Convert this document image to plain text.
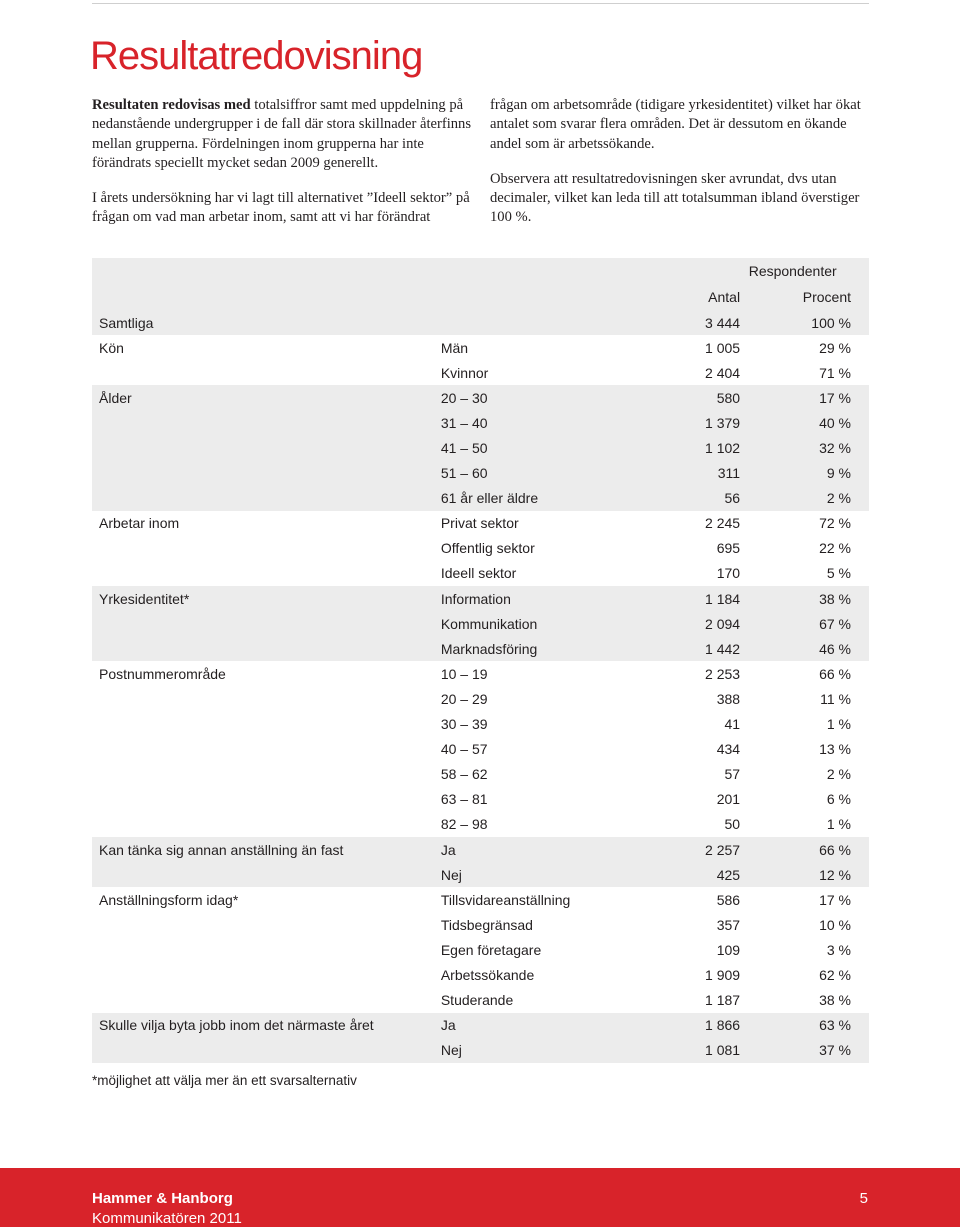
Resultatredovisning

Resultaten redovisas med totalsiffror samt med uppdelning på nedanstående undergrupper i de fall där stora skillnader återfinns mellan grupperna. Fördelningen inom grupperna har inte förändrats speciellt mycket sedan 2009 generellt.

I årets undersökning har vi lagt till alternativet ”Ideell sektor” på frågan om vad man arbetar inom, samt att vi har förändrat

frågan om arbetsområde (tidigare yrkesidentitet) vilket har ökat antalet som svarar flera områden. Det är dessutom en ökande andel som är arbetssökande.

Observera att resultatredovisningen sker avrundat, dvs utan decimaler, vilket kan leda till att totalsumman ibland överstiger 100 %.

		Respondenter	
		Antal	Procent
Samtliga		3 444	100 %
Kön	Män	1 005	29 %
	Kvinnor	2 404	71 %
Ålder	20 – 30	580	17 %
	31 – 40	1 379	40 %
	41 – 50	1 102	32 %
	51 – 60	311	9 %
	61 år eller äldre	56	2 %
Arbetar inom	Privat sektor	2 245	72 %
	Offentlig sektor	695	22 %
	Ideell sektor	170	5 %
Yrkesidentitet*	Information	1 184	38 %
	Kommunikation	2 094	67 %
	Marknadsföring	1 442	46 %
Postnummerområde	10 – 19	2 253	66 %
	20 – 29	388	11 %
	30 – 39	41	1 %
	40 – 57	434	13 %
	58 – 62	57	2 %
	63 – 81	201	6 %
	82 – 98	50	1 %
Kan tänka sig annan anställning än fast	Ja	2 257	66 %
	Nej	425	12 %
Anställningsform idag*	Tillsvidareanställning	586	17 %
	Tidsbegränsad	357	10 %
	Egen företagare	109	3 %
	Arbetssökande	1 909	62 %
	Studerande	1 187	38 %
Skulle vilja byta jobb inom det närmaste året	Ja	1 866	63 %
	Nej	1 081	37 %
*möjlighet att välja mer än ett svarsalternativ
Hammer & Hanborg
Kommunikatören 2011
5
